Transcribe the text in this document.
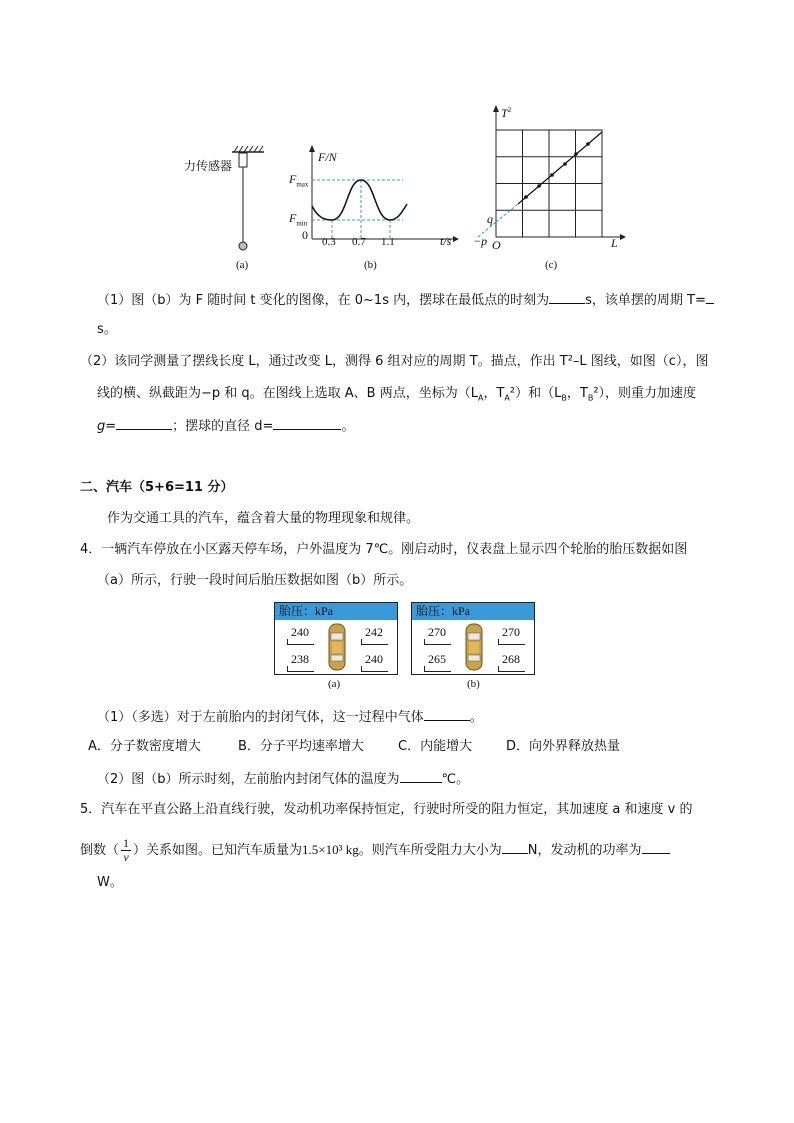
力传感器
(a)
F/N
$F_{max}$
$F_{min}$
0 0.3 0.7 1.1	t/s
(b)
$T^2$
q
−p O	L
(c)
（1）图（b）为 F 随时间 t 变化的图像，在 0~1s 内，摆球在最低点的时刻为	s，该单摆的周期 T=
s。
（2）该同学测量了摆线长度 L，通过改变 L，测得 6 组对应的周期 T。描点，作出 T²–L 图线，如图（c），图
线的横、纵截距为−p 和 q。在图线上选取 A、B 两点，坐标为（$L_A$，$T_A^2$）和（$L_B$，$T_B^2$），则重力加速度
g=	；摆球的直径 d=	。
二、汽车（5+6=11 分）
作为交通工具的汽车，蕴含着大量的物理现象和规律。
4．一辆汽车停放在小区露天停车场，户外温度为 7℃。刚启动时，仪表盘上显示四个轮胎的胎压数据如图
（a）所示，行驶一段时间后胎压数据如图（b）所示。
胎压：kPa
240	242
238	240
(a)
胎压：kPa
270	270
265	268
(b)
（1）（多选）对于左前胎内的封闭气体，这一过程中气体	。
A．分子数密度增大	B．分子平均速率增大	C．内能增大	D．向外界释放热量
（2）图（b）所示时刻，左前胎内封闭气体的温度为	℃。
5．汽车在平直公路上沿直线行驶，发动机功率保持恒定，行驶时所受的阻力恒定，其加速度 a 和速度 v 的
倒数（ $\frac{1}{v}$ ）关系如图。已知汽车质量为1.5×10³ kg。则汽车所受阻力大小为 N，发动机的功率为
W。
